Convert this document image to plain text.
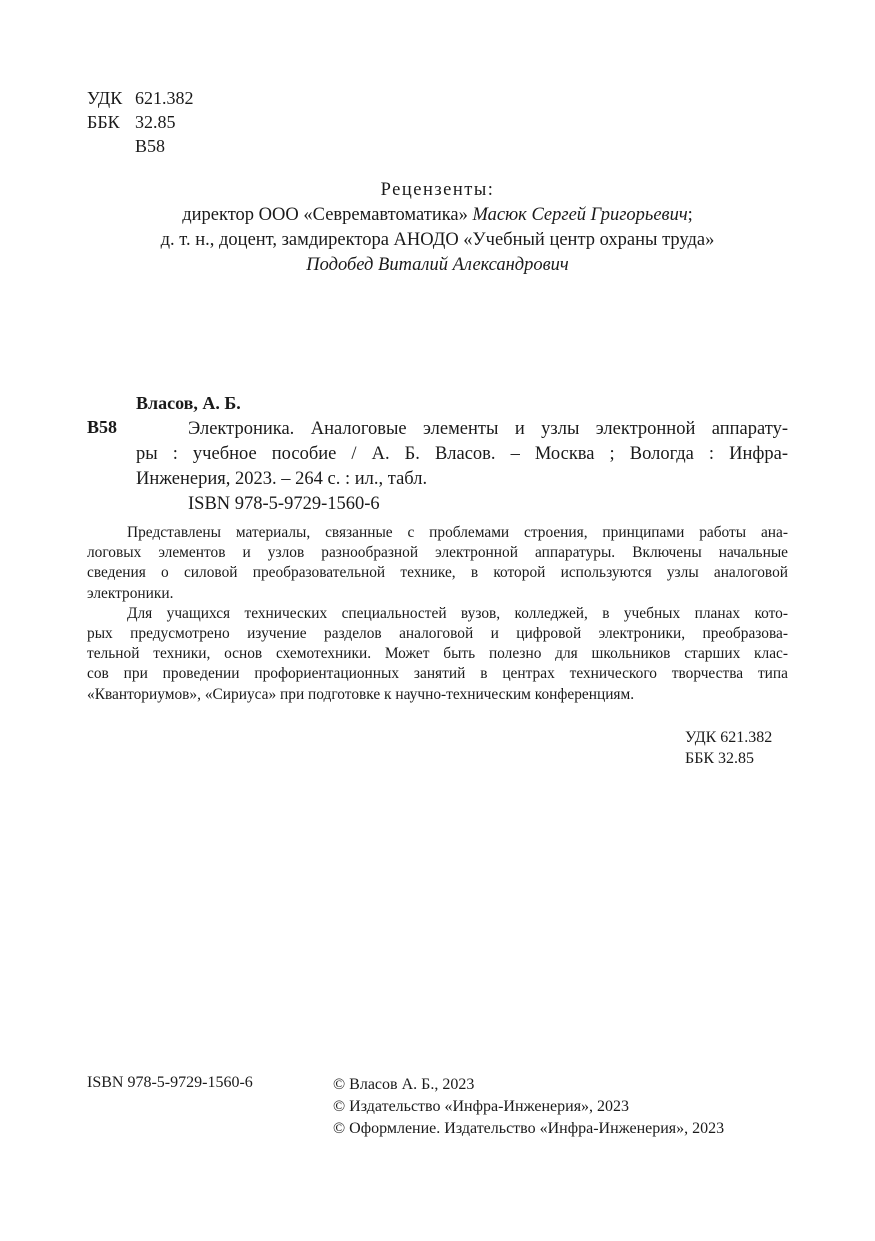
УДК 621.382
ББК 32.85
В58
Рецензенты:
директор ООО «Севремавтоматика» Масюк Сергей Григорьевич;
д. т. н., доцент, замдиректора АНОДО «Учебный центр охраны труда»
Подобед Виталий Александрович
Власов, А. Б.
В58	Электроника. Аналоговые элементы и узлы электронной аппарату-
ры : учебное пособие / А. Б. Власов. – Москва ; Вологда : Инфра-
Инженерия, 2023. – 264 с. : ил., табл.
ISBN 978-5-9729-1560-6

Представлены материалы, связанные с проблемами строения, принципами работы ана-
логовых элементов и узлов разнообразной электронной аппаратуры. Включены начальные
сведения о силовой преобразовательной технике, в которой используются узлы аналоговой
электроники.

Для учащихся технических специальностей вузов, колледжей, в учебных планах кото-
рых предусмотрено изучение разделов аналоговой и цифровой электроники, преобразова-
тельной техники, основ схемотехники. Может быть полезно для школьников старших клас-
сов при проведении профориентационных занятий в центрах технического творчества типа
«Кванториумов», «Сириуса» при подготовке к научно-техническим конференциям.

УДК 621.382
ББК 32.85
ISBN 978-5-9729-1560-6	© Власов А. Б., 2023
© Издательство «Инфра-Инженерия», 2023
© Оформление. Издательство «Инфра-Инженерия», 2023
